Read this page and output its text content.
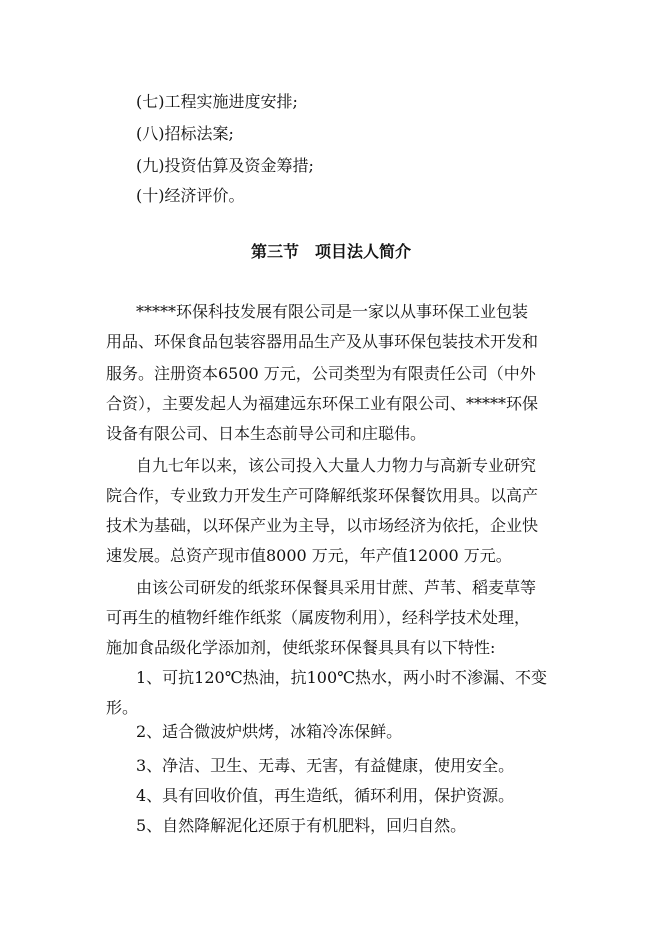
(七)工程实施进度安排;
(八)招标法案;
(九)投资估算及资金筹措;
(十)经济评价。
第三节　项目法人简介
*****环保科技发展有限公司是一家以从事环保工业包装
用品、环保食品包装容器用品生产及从事环保包装技术开发和
服务。注册资本6500 万元，公司类型为有限责任公司（中外
合资），主要发起人为福建远东环保工业有限公司、*****环保
设备有限公司、日本生态前导公司和庄聪伟。
自九七年以来，该公司投入大量人力物力与高新专业研究
院合作，专业致力开发生产可降解纸浆环保餐饮用具。以高产
技术为基础，以环保产业为主导，以市场经济为依托，企业快
速发展。总资产现市值8000 万元，年产值12000 万元。
由该公司研发的纸浆环保餐具采用甘蔗、芦苇、稻麦草等
可再生的植物纤维作纸浆（属废物利用），经科学技术处理，
施加食品级化学添加剂，使纸浆环保餐具具有以下特性:
1、可抗120℃热油，抗100℃热水，两小时不渗漏、不变
形。
2、适合微波炉烘烤，冰箱冷冻保鲜。
3、净洁、卫生、无毒、无害，有益健康，使用安全。
4、具有回收价值，再生造纸，循环利用，保护资源。
5、自然降解泥化还原于有机肥料，回归自然。
